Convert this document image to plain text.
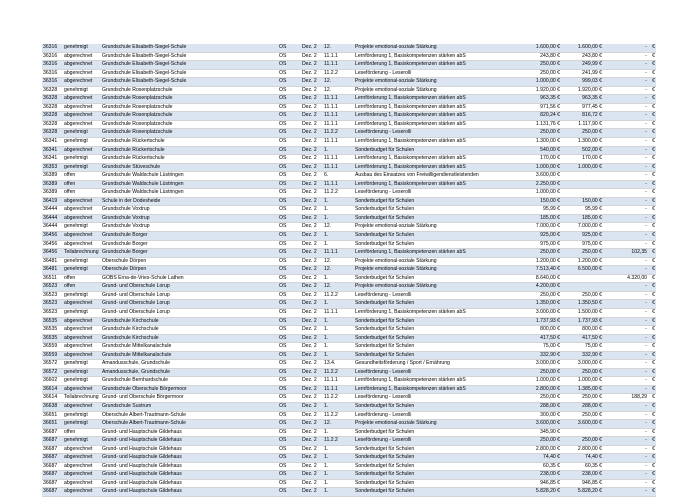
36316	genehmigt	Grundschule Elisabeth-Siegel-Schule	OS	Dez. 2	12.	Projekte emotional-soziale Stärkung	1.600,00 €	1.600,00 €	-	€
36316	abgerechnet	Grundschule Elisabeth-Siegel-Schule	OS	Dez. 2	11.1.1	Lernförderung 1, Basiskompetenzen stärken abS	243,80 €	243,80 €	-	€
36316	abgerechnet	Grundschule Elisabeth-Siegel-Schule	OS	Dez. 2	11.1.1	Lernförderung 1, Basiskompetenzen stärken abS	250,00 €	249,99 €	-	€
36316	abgerechnet	Grundschule Elisabeth-Siegel-Schule	OS	Dez. 2	11.2.2	Leseförderung - Leserolli	250,00 €	241,99 €	-	€
36316	abgerechnet	Grundschule Elisabeth-Siegel-Schule	OS	Dez. 2	12.	Projekte emotional-soziale Stärkung	1.000,00 €	999,03 €	-	€
36328	genehmigt	Grundschule Rosenplatzschule	OS	Dez. 2	12.	Projekte emotional-soziale Stärkung	1.920,00 €	1.920,00 €	-	€
36328	abgerechnet	Grundschule Rosenplatzschule	OS	Dez. 2	11.1.1	Lernförderung 1, Basiskompetenzen stärken abS	963,35 €	963,35 €	-	€
36328	abgerechnet	Grundschule Rosenplatzschule	OS	Dez. 2	11.1.1	Lernförderung 1, Basiskompetenzen stärken abS	971,56 €	977,45 €	-	€
36328	abgerechnet	Grundschule Rosenplatzschule	OS	Dez. 2	11.1.1	Lernförderung 1, Basiskompetenzen stärken abS	820,24 €	816,72 €	-	€
36328	abgerechnet	Grundschule Rosenplatzschule	OS	Dez. 2	11.1.1	Lernförderung 1, Basiskompetenzen stärken abS	1.131,76 €	1.117,90 €	-	€
36328	genehmigt	Grundschule Rosenplatzschule	OS	Dez. 2	11.2.2	Leseförderung - Leserolli	250,00 €	250,00 €	-	€
36341	genehmigt	Grundschule Rückertschule	OS	Dez. 2	11.1.1	Lernförderung 1, Basiskompetenzen stärken abS	1.300,00 €	1.300,00 €	-	€
36341	abgerechnet	Grundschule Rückertschule	OS	Dez. 2	1.	Sonderbudget für Schulen	540,00 €	502,00 €	-	€
36341	genehmigt	Grundschule Rückertschule	OS	Dez. 2	11.1.1	Lernförderung 1, Basiskompetenzen stärken abS	170,00 €	170,00 €	-	€
36353	genehmigt	Grundschule Stüveschule	OS	Dez. 2	11.1.1	Lernförderung 1, Basiskompetenzen stärken abS	1.000,00 €	1.000,00 €	-	€
36389	offen	Grundschule Waldschule Lüstringen	OS	Dez. 2	6.	Ausbau des Einsatzes von Freiwilligendienstleistenden	3.600,00 €		-	€
36389	offen	Grundschule Waldschule Lüstringen	OS	Dez. 2	11.1.1	Lernförderung 1, Basiskompetenzen stärken abS	2.250,00 €		-	€
36389	offen	Grundschule Waldschule Lüstringen	OS	Dez. 2	11.2.2	Leseförderung - Leserolli	1.000,00 €		-	€
36419	abgerechnet	Schule in der Dodesheide	OS	Dez. 2	1.	Sonderbudget für Schulen	150,00 €	150,00 €	-	€
36444	abgerechnet	Grundschule Voxtrup	OS	Dez. 2	1.	Sonderbudget für Schulen	95,99 €	95,99 €	-	€
36444	abgerechnet	Grundschule Voxtrup	OS	Dez. 2	1.	Sonderbudget für Schulen	185,00 €	185,00 €	-	€
36444	genehmigt	Grundschule Voxtrup	OS	Dez. 2	12.	Projekte emotional-soziale Stärkung	7.000,00 €	7.000,00 €	-	€
36456	abgerechnet	Grundschule Borger	OS	Dez. 2	1.	Sonderbudget für Schulen	925,00 €	925,00 €	-	€
36456	abgerechnet	Grundschule Borger	OS	Dez. 2	1.	Sonderbudget für Schulen	975,00 €	975,00 €	-	€
36456	Teilabrechnung	Grundschule Borger	OS	Dez. 2	11.1.1	Lernförderung 1, Basiskompetenzen stärken abS	250,00 €	250,00 €	102,35	€
36481	genehmigt	Oberschule Dörpen	OS	Dez. 2	12.	Projekte emotional-soziale Stärkung	1.200,00 €	1.200,00 €	-	€
36481	genehmigt	Oberschule Dörpen	OS	Dez. 2	12.	Projekte emotional-soziale Stärkung	7.513,40 €	6.500,00 €	-	€
36511	offen	GOBS Erna-de-Vries-Schule Lathen	OS	Dez. 2	1.	Sonderbudget für Schulen	8.640,00 €		4.320,00	€
36523	offen	Grund- und Oberschule Lorup	OS	Dez. 2	12.	Projekte emotional-soziale Stärkung	4.200,00 €		-	€
36523	genehmigt	Grund- und Oberschule Lorup	OS	Dez. 2	11.2.2	Leseförderung - Leserolli	250,00 €	250,00 €	-	€
36523	abgerechnet	Grund- und Oberschule Lorup	OS	Dez. 2	1.	Sonderbudget für Schulen	1.350,00 €	1.350,50 €	-	€
36523	genehmigt	Grund- und Oberschule Lorup	OS	Dez. 2	11.1.1	Lernförderung 1, Basiskompetenzen stärken abS	3.000,00 €	1.500,00 €	-	€
36535	abgerechnet	Grundschule Kirchschule	OS	Dez. 2	1.	Sonderbudget für Schulen	1.737,93 €	1.737,93 €	-	€
36535	abgerechnet	Grundschule Kirchschule	OS	Dez. 2	1.	Sonderbudget für Schulen	800,00 €	800,00 €	-	€
36535	abgerechnet	Grundschule Kirchschule	OS	Dez. 2	1.	Sonderbudget für Schulen	417,50 €	417,50 €	-	€
36559	abgerechnet	Grundschule Mittelkanalschule	OS	Dez. 2	1.	Sonderbudget für Schulen	75,00 €	75,00 €	-	€
36559	abgerechnet	Grundschule Mittelkanalschule	OS	Dez. 2	1.	Sonderbudget für Schulen	332,90 €	332,90 €	-	€
36572	genehmigt	Amandusschule, Grundschule	OS	Dez. 2	13.4.	Gesundheitsförderung / Sport / Ernährung	3.000,00 €	3.000,00 €	-	€
36572	genehmigt	Amandusschule, Grundschule	OS	Dez. 2	11.2.2	Leseförderung - Leserolli	250,00 €	250,00 €	-	€
36602	genehmigt	Grundschule Bernhardschule	OS	Dez. 2	11.1.1	Lernförderung 1, Basiskompetenzen stärken abS	1.000,00 €	1.000,00 €	-	€
36614	abgerechnet	Grundschule Oberschule Börgermoor	OS	Dez. 2	11.1.1	Lernförderung 1, Basiskompetenzen stärken abS	2.800,00 €	1.385,00 €	-	€
36614	Teilabrechnung	Grund- und Oberschule Börgermoor	OS	Dez. 2	11.2.2	Leseförderung - Leserolli	250,00 €	250,00 €	188,29	€
36638	abgerechnet	Grundschule Sustrum	OS	Dez. 2	1.	Sonderbudget für Schulen	288,00 €	288,00 €	-	€
36651	genehmigt	Oberschule Albert-Trautmann-Schule	OS	Dez. 2	11.2.2	Leseförderung - Leserolli	300,00 €	250,00 €	-	€
36651	genehmigt	Oberschule Albert-Trautmann-Schule	OS	Dez. 2	12.	Projekte emotional-soziale Stärkung	3.600,00 €	3.600,00 €	-	€
36687	offen	Grund- und Hauptschule Gildehaus	OS	Dez. 2	1.	Sonderbudget für Schulen	345,90 €		-	€
36687	genehmigt	Grund- und Hauptschule Gildehaus	OS	Dez. 2	11.2.2	Leseförderung - Leserolli	250,00 €	250,00 €	-	€
36687	abgerechnet	Grund- und Hauptschule Gildehaus	OS	Dez. 2	1.	Sonderbudget für Schulen	2.800,00 €	2.800,00 €	-	€
36687	abgerechnet	Grund- und Hauptschule Gildehaus	OS	Dez. 2	1.	Sonderbudget für Schulen	74,40 €	74,40 €	-	€
36687	abgerechnet	Grund- und Hauptschule Gildehaus	OS	Dez. 2	1.	Sonderbudget für Schulen	60,35 €	60,35 €	-	€
36687	abgerechnet	Grund- und Hauptschule Gildehaus	OS	Dez. 2	1.	Sonderbudget für Schulen	238,00 €	238,00 €	-	€
36687	abgerechnet	Grund- und Hauptschule Gildehaus	OS	Dez. 2	1.	Sonderbudget für Schulen	946,85 €	946,85 €	-	€
36687	abgerechnet	Grund- und Hauptschule Gildehaus	OS	Dez. 2	1.	Sonderbudget für Schulen	5.828,20 €	5.828,20 €	-	€
